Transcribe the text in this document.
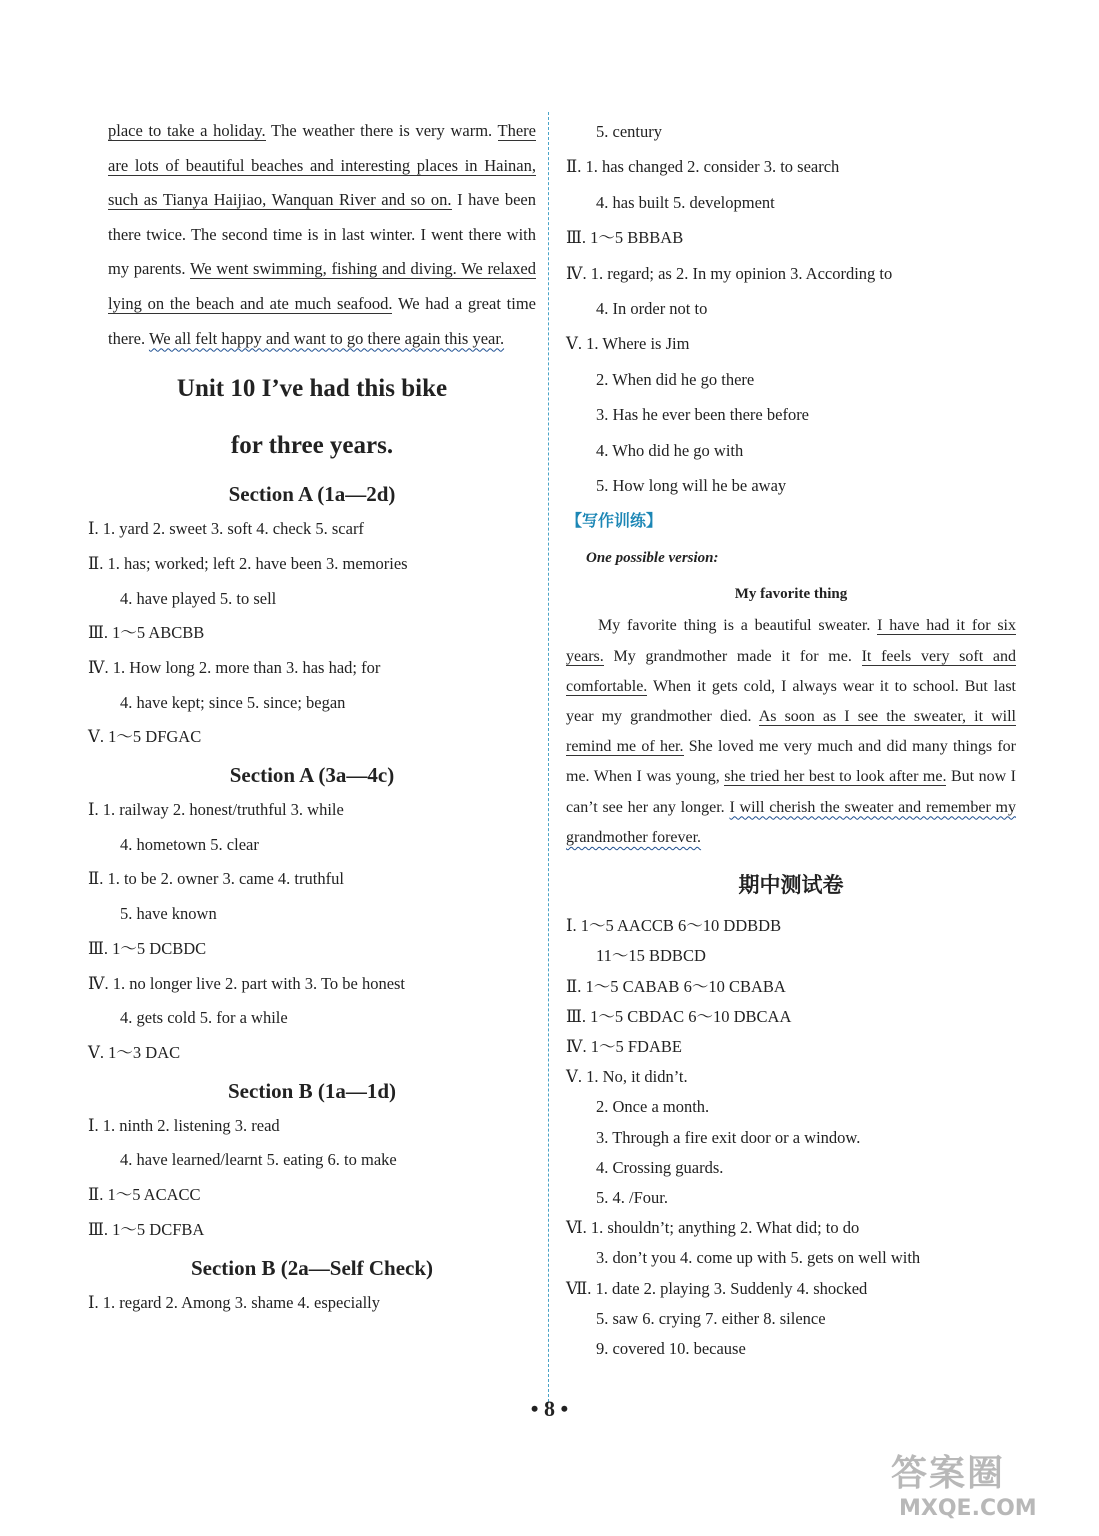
place to take a holiday. The weather there is very warm. There are lots of beautiful beaches and interesting places in Hainan, such as Tianya Haijiao, Wanquan River and so on. I have been there twice. The second time is in last winter. I went there with my parents. We went swimming, fishing and diving. We relaxed lying on the beach and ate much seafood. We had a great time there. We all felt happy and want to go there again this year.

Unit 10 I’ve had this bike
for three years.
Section A (1a—2d)
Ⅰ. 1. yard 2. sweet 3. soft 4. check 5. scarf
Ⅱ. 1. has; worked; left 2. have been 3. memories
4. have played 5. to sell
Ⅲ. 1～5 ABCBB
Ⅳ. 1. How long 2. more than 3. has had; for
4. have kept; since 5. since; began
Ⅴ. 1～5 DFGAC
Section A (3a—4c)
Ⅰ. 1. railway 2. honest/truthful 3. while
4. hometown 5. clear
Ⅱ. 1. to be 2. owner 3. came 4. truthful
5. have known
Ⅲ. 1～5 DCBDC
Ⅳ. 1. no longer live 2. part with 3. To be honest
4. gets cold 5. for a while
Ⅴ. 1～3 DAC
Section B (1a—1d)
Ⅰ. 1. ninth 2. listening 3. read
4. have learned/learnt 5. eating 6. to make
Ⅱ. 1～5 ACACC
Ⅲ. 1～5 DCFBA
Section B (2a—Self Check)
Ⅰ. 1. regard 2. Among 3. shame 4. especially
5. century
Ⅱ. 1. has changed 2. consider 3. to search
4. has built 5. development
Ⅲ. 1～5 BBBAB
Ⅳ. 1. regard; as 2. In my opinion 3. According to
4. In order not to
Ⅴ. 1. Where is Jim
2. When did he go there
3. Has he ever been there before
4. Who did he go with
5. How long will he be away
【写作训练】
One possible version:
My favorite thing

My favorite thing is a beautiful sweater. I have had it for six years. My grandmother made it for me. It feels very soft and comfortable. When it gets cold, I always wear it to school. But last year my grandmother died. As soon as I see the sweater, it will remind me of her. She loved me very much and did many things for me. When I was young, she tried her best to look after me. But now I can’t see her any longer. I will cherish the sweater and remember my grandmother forever.

期中测试卷
Ⅰ. 1～5 AACCB 6～10 DDBDB
11～15 BDBCD
Ⅱ. 1～5 CABAB 6～10 CBABA
Ⅲ. 1～5 CBDAC 6～10 DBCAA
Ⅳ. 1～5 FDABE
Ⅴ. 1. No, it didn’t.
2. Once a month.
3. Through a fire exit door or a window.
4. Crossing guards.
5. 4. /Four.
Ⅵ. 1. shouldn’t; anything 2. What did; to do
3. don’t you 4. come up with 5. gets on well with
Ⅶ. 1. date 2. playing 3. Suddenly 4. shocked
5. saw 6. crying 7. either 8. silence
9. covered 10. because
• 8 •
答案圈
MXQE.COM
